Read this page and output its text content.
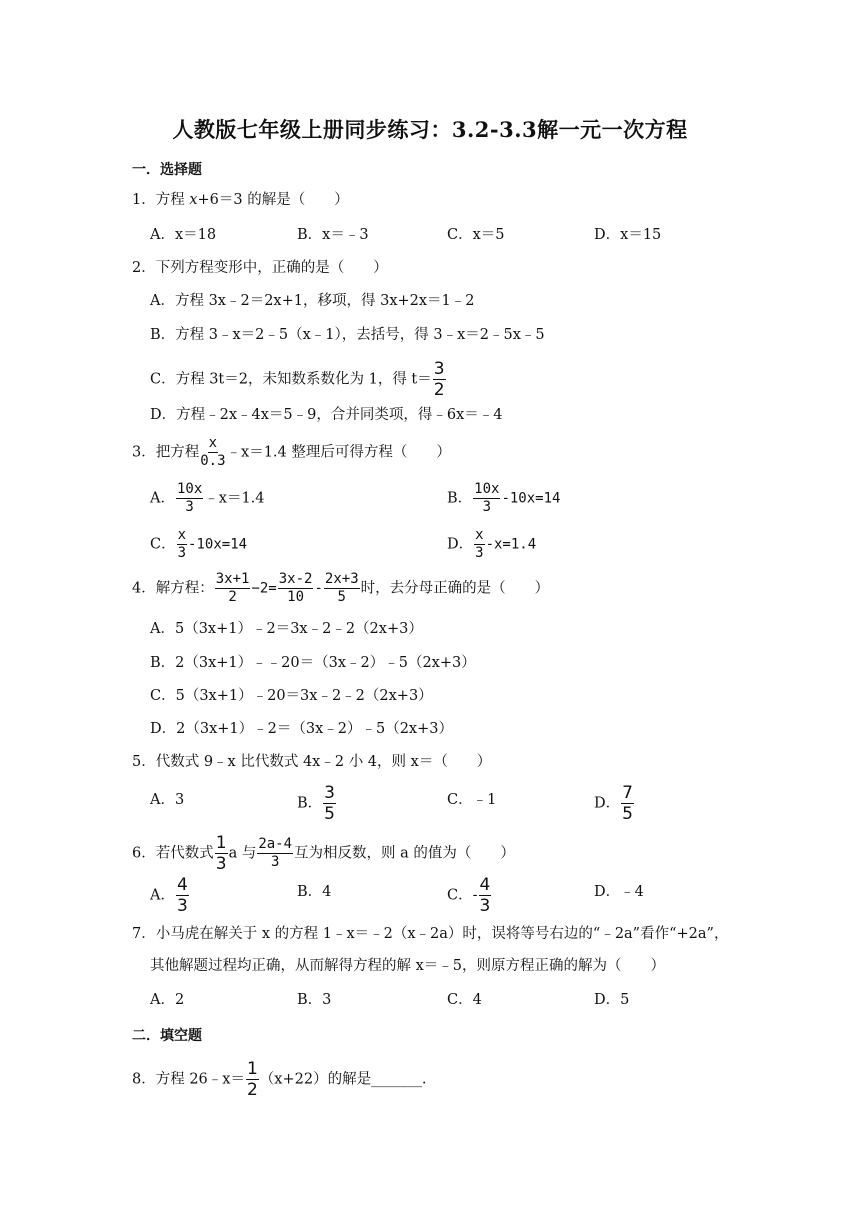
人教版七年级上册同步练习：3.2-3.3解一元一次方程
一．选择题
1．方程 x+6＝3 的解是（　　）
A．x＝18	B．x＝﹣3	C．x＝5	D．x＝15
2．下列方程变形中，正确的是（　　）
A．方程 3x﹣2＝2x+1，移项，得 3x+2x＝1﹣2
B．方程 3﹣x＝2﹣5（x﹣1），去括号，得 3﹣x＝2﹣5x﹣5
C．方程 3t＝2，未知数系数化为 1，得 $t= \frac{3}{2}$
D．方程﹣2x﹣4x＝5﹣9，合并同类项，得﹣6x＝﹣4
3．把方程 $\frac{x}{0.3}$ ﹣x＝1.4 整理后可得方程（　　）
A． $\frac{10x}{3}$ ﹣x＝1.4	B． $\frac{10x}{3} -10x=14$
C． $\frac{x}{3} -10x=14$	D． $\frac{x}{3} -x=1.4$
4．解方程： $\frac{3x+1}{2} -2= \frac{3x-2}{10} - \frac{2x+3}{5}$ 时，去分母正确的是（　　）
A．5（3x+1）﹣2＝3x﹣2﹣2（2x+3）
B．2（3x+1）﹣﹣20＝（3x﹣2）﹣5（2x+3）
C．5（3x+1）﹣20＝3x﹣2﹣2（2x+3）
D．2（3x+1）﹣2＝（3x﹣2）﹣5（2x+3）
5．代数式 9﹣x 比代数式 4x﹣2 小 4，则 x＝（　　）
A．3	B． $\frac{3}{5}$	C．﹣1	D． $\frac{7}{5}$
6．若代数式 $\frac{1}{3}$ a 与 $\frac{2a-4}{3}$ 互为相反数，则 a 的值为（　　）
A． $\frac{4}{3}$	B．4	C．- $\frac{4}{3}$	D．﹣4
7．小马虎在解关于 x 的方程 1﹣x＝﹣2（x﹣2a）时，误将等号右边的“﹣2a”看作“+2a”，
其他解题过程均正确，从而解得方程的解 x＝﹣5，则原方程正确的解为（　　）
A．2	B．3	C．4	D．5
二．填空题
8．方程 26﹣x＝ $\frac{1}{2} (x+22)$的解是_______.
